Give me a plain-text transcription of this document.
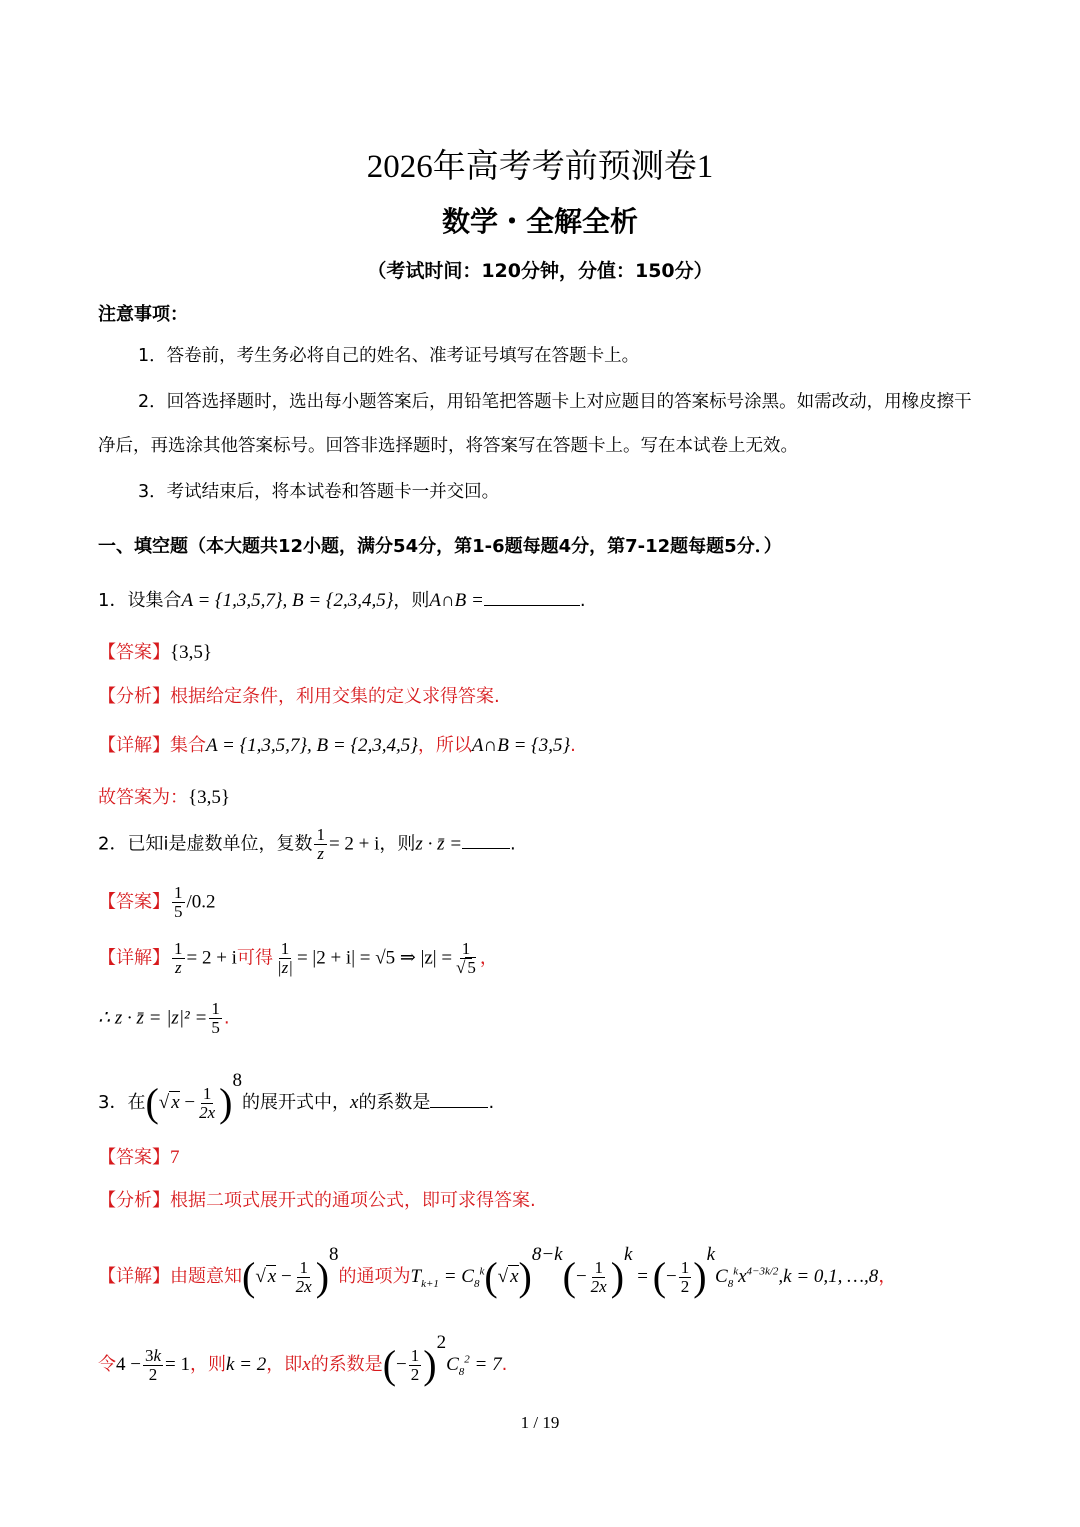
2026年高考考前预测卷1
数学・全解全析
（考试时间：120分钟，分值：150分）
注意事项：
1．答卷前，考生务必将自己的姓名、准考证号填写在答题卡上。
2．回答选择题时，选出每小题答案后，用铅笔把答题卡上对应题目的答案标号涂黑。如需改动，用橡皮擦干净后，再选涂其他答案标号。回答非选择题时，将答案写在答题卡上。写在本试卷上无效。
3．考试结束后，将本试卷和答题卡一并交回。
一、填空题（本大题共12小题，满分54分，第1-6题每题4分，第7-12题每题5分．）
1．设集合A = {1,3,5,7}, B = {2,3,4,5}，则A∩B =	.
【答案】{3,5}
【分析】根据给定条件，利用交集的定义求得答案.
【详解】集合A = {1,3,5,7}, B = {2,3,4,5}，所以A∩B = {3,5}.
故答案为：{3,5}
2．已知i是虚数单位，复数 $\frac{1}{z} = 2 + i$，则z · z̄ =	.
【答案】 $\frac{1}{5} /0.2$
【详解】 $\frac{1}{z} = 2 + i$可得 $\frac{1}{|z|} = |2 + i| = √5$ ⇒ $|z| = \frac{1}{√ 5}$ ，
∴ z · z̄ = $|z|^2 = \frac{1}{5}$ .
3．在(√ $x - \frac{1}{2x} )^8$的展开式中，x的系数是	.
【答案】7
【分析】根据二项式展开式的通项公式，即可求得答案.
【详解】由题意知(√ $x - \frac{1}{2x} )^8$的通项为$T_{k+1} = C_8^k(√$ $x)^{8-k}(- \frac{1}{2x} )^k$ = (− $\frac{1}{2} )^kC_8^kx^{4-3k/2},k = 0,1$, …,8，
令$4 - \frac{3k}{2} = 1$，则k = 2，即x的系数是(− $\frac{1}{2} )^2C_8^2 = 7$.
1 / 19
